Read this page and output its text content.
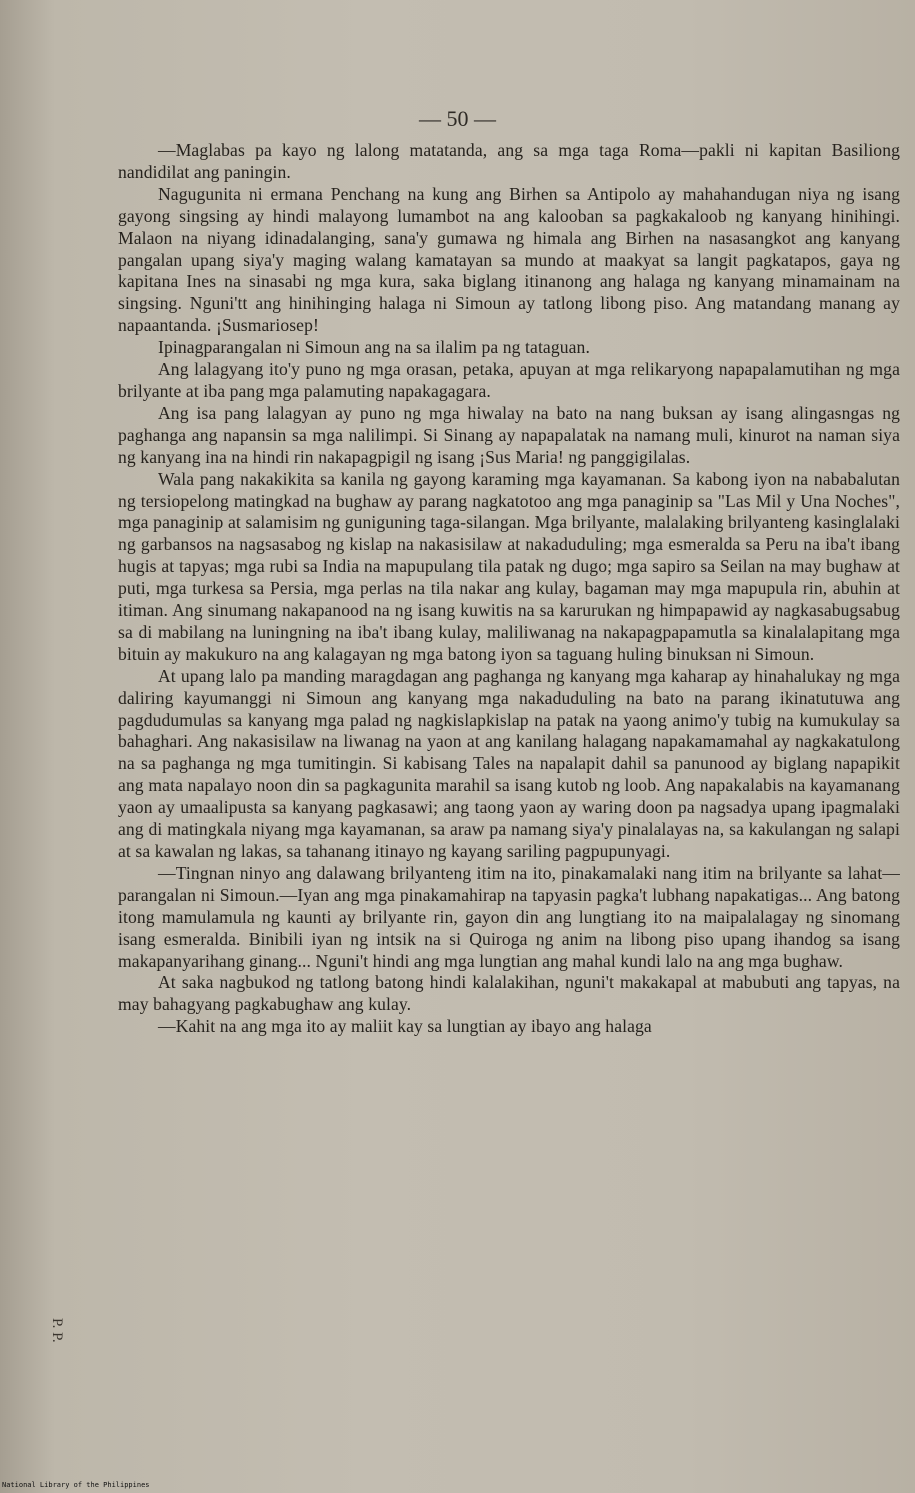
— 50 —

—Maglabas pa kayo ng lalong matatanda, ang sa mga taga Roma—pakli ni kapitan Basiliong nandidilat ang paningin.

Nagugunita ni ermana Penchang na kung ang Birhen sa Antipolo ay mahahandugan niya ng isang gayong singsing ay hindi malayong lumambot na ang kalooban sa pagkakaloob ng kanyang hinihingi. Malaon na niyang idinadalanging, sana'y gumawa ng himala ang Birhen na nasasangkot ang kanyang pangalan upang siya'y maging walang kamatayan sa mundo at maakyat sa langit pagkatapos, gaya ng kapitana Ines na sinasabi ng mga kura, saka biglang itinanong ang halaga ng kanyang minamainam na singsing. Nguni'tt ang hinihinging halaga ni Simoun ay tatlong libong piso. Ang matandang manang ay napaantanda. ¡Susmariosep!

Ipinagparangalan ni Simoun ang na sa ilalim pa ng tataguan.

Ang lalagyang ito'y puno ng mga orasan, petaka, apuyan at mga relikaryong napapalamutihan ng mga brilyante at iba pang mga palamuting napakagagara.

Ang isa pang lalagyan ay puno ng mga hiwalay na bato na nang buksan ay isang alingasngas ng paghanga ang napansin sa mga nalilimpi. Si Sinang ay napapalatak na namang muli, kinurot na naman siya ng kanyang ina na hindi rin nakapagpigil ng isang ¡Sus Maria! ng panggigilalas.

Wala pang nakakikita sa kanila ng gayong karaming mga kayamanan. Sa kabong iyon na nababalutan ng tersiopelong matingkad na bughaw ay parang nagkatotoo ang mga panaginip sa "Las Mil y Una Noches", mga panaginip at salamisim ng guniguning taga-silangan. Mga brilyante, malalaking brilyanteng kasinglalaki ng garbansos na nagsasabog ng kislap na nakasisilaw at nakaduduling; mga esmeralda sa Peru na iba't ibang hugis at tapyas; mga rubi sa India na mapupulang tila patak ng dugo; mga sapiro sa Seilan na may bughaw at puti, mga turkesa sa Persia, mga perlas na tila nakar ang kulay, bagaman may mga mapupula rin, abuhin at itiman. Ang sinumang nakapanood na ng isang kuwitis na sa karurukan ng himpapawid ay nagkasabugsabug sa di mabilang na luningning na iba't ibang kulay, maliliwanag na nakapagpapamutla sa kinalalapitang mga bituin ay makukuro na ang kalagayan ng mga batong iyon sa taguang huling binuksan ni Simoun.

At upang lalo pa manding maragdagan ang paghanga ng kanyang mga kaharap ay hinahalukay ng mga daliring kayumanggi ni Simoun ang kanyang mga nakaduduling na bato na parang ikinatutuwa ang pagdudumulas sa kanyang mga palad ng nagkislapkislap na patak na yaong animo'y tubig na kumukulay sa bahaghari. Ang nakasisilaw na liwanag na yaon at ang kanilang halagang napakamamahal ay nagkakatulong na sa paghanga ng mga tumitingin. Si kabisang Tales na napalapit dahil sa panunood ay biglang napapikit ang mata napalayo noon din sa pagkagunita marahil sa isang kutob ng loob. Ang napakalabis na kayamanang yaon ay umaalipusta sa kanyang pagkasawi; ang taong yaon ay waring doon pa nagsadya upang ipagmalaki ang di matingkala niyang mga kayamanan, sa araw pa namang siya'y pinalalayas na, sa kakulangan ng salapi at sa kawalan ng lakas, sa tahanang itinayo ng kayang sariling pagpupunyagi.

—Tingnan ninyo ang dalawang brilyanteng itim na ito, pinakamalaki nang itim na brilyante sa lahat—parangalan ni Simoun.—Iyan ang mga pinakamahirap na tapyasin pagka't lubhang napakatigas... Ang batong itong mamulamula ng kaunti ay brilyante rin, gayon din ang lungtiang ito na maipalalagay ng sinomang isang esmeralda. Binibili iyan ng intsik na si Quiroga ng anim na libong piso upang ihandog sa isang makapanyarihang ginang... Nguni't hindi ang mga lungtian ang mahal kundi lalo na ang mga bughaw.

At saka nagbukod ng tatlong batong hindi kalalakihan, nguni't makakapal at mabubuti ang tapyas, na may bahagyang pagkabughaw ang kulay.

—Kahit na ang mga ito ay maliit kay sa lungtian ay ibayo ang halaga

P. P.
National Library of the Philippines
